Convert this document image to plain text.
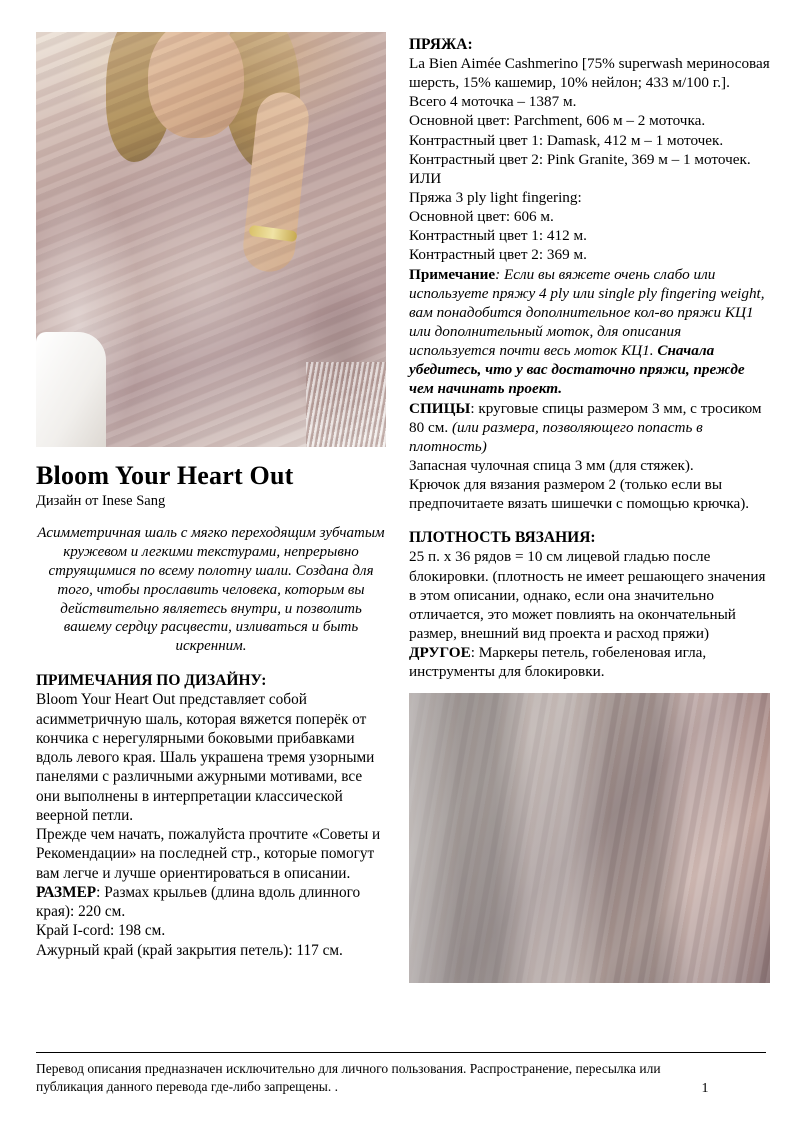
Bloom Your Heart Out
Дизайн от Inese Sang

Асимметричная шаль с мягко переходящим зубчатым кружевом и легкими текстурами, непрерывно струящимися по всему полотну шали. Создана для того, чтобы прославить человека, которым вы действительно являетесь внутри, и позволить вашему сердцу расцвести, изливаться и быть искренним.

ПРИМЕЧАНИЯ ПО ДИЗАЙНУ:

Bloom Your Heart Out представляет собой асимметричную шаль, которая вяжется поперёк от кончика с нерегулярными боковыми прибавками вдоль левого края. Шаль украшена тремя узорными панелями с различными ажурными мотивами, все они выполнены в интерпретации классической веерной петли.

Прежде чем начать, пожалуйста прочтите «Советы и Рекомендации» на последней стр., которые помогут вам легче и лучше ориентироваться в описании.

РАЗМЕР: Размах крыльев (длина вдоль длинного края): 220 см.

Край I-cord: 198 см.

Ажурный край (край закрытия петель): 117 см.

ПРЯЖА:

La Bien Aimée Cashmerino [75% superwash мериносовая шерсть, 15% кашемир, 10% нейлон; 433 м/100 г.].

Всего 4 моточка – 1387 м.

Основной цвет: Parchment, 606 м – 2 моточка.

Контрастный цвет 1: Damask, 412 м – 1 моточек.

Контрастный цвет 2: Pink Granite, 369 м – 1 моточек.

ИЛИ

Пряжа 3 ply light fingering:

Основной цвет: 606 м.

Контрастный цвет 1: 412 м.

Контрастный цвет 2: 369 м.

Примечание: Если вы вяжете очень слабо или используете пряжу 4 ply или single ply fingering weight, вам понадобится дополнительное кол-во пряжи КЦ1 или дополнительный моток, для описания используется почти весь моток КЦ1. Сначала убедитесь, что у вас достаточно пряжи, прежде чем начинать проект.

СПИЦЫ: круговые спицы размером 3 мм, с тросиком 80 см. (или размера, позволяющего попасть в плотность)

Запасная чулочная спица 3 мм (для стяжек).

Крючок для вязания размером 2 (только если вы предпочитаете вязать шишечки с помощью крючка).

ПЛОТНОСТЬ ВЯЗАНИЯ:

25 п. х 36 рядов = 10 см лицевой гладью после блокировки. (плотность не имеет решающего значения в этом описании, однако, если она значительно отличается, это может повлиять на окончательный размер, внешний вид проекта и расход пряжи)

ДРУГОЕ: Маркеры петель, гобеленовая игла, инструменты для блокировки.

Перевод описания предназначен исключительно для личного пользования. Распространение, пересылка или публикация данного перевода где-либо запрещены. .	1
